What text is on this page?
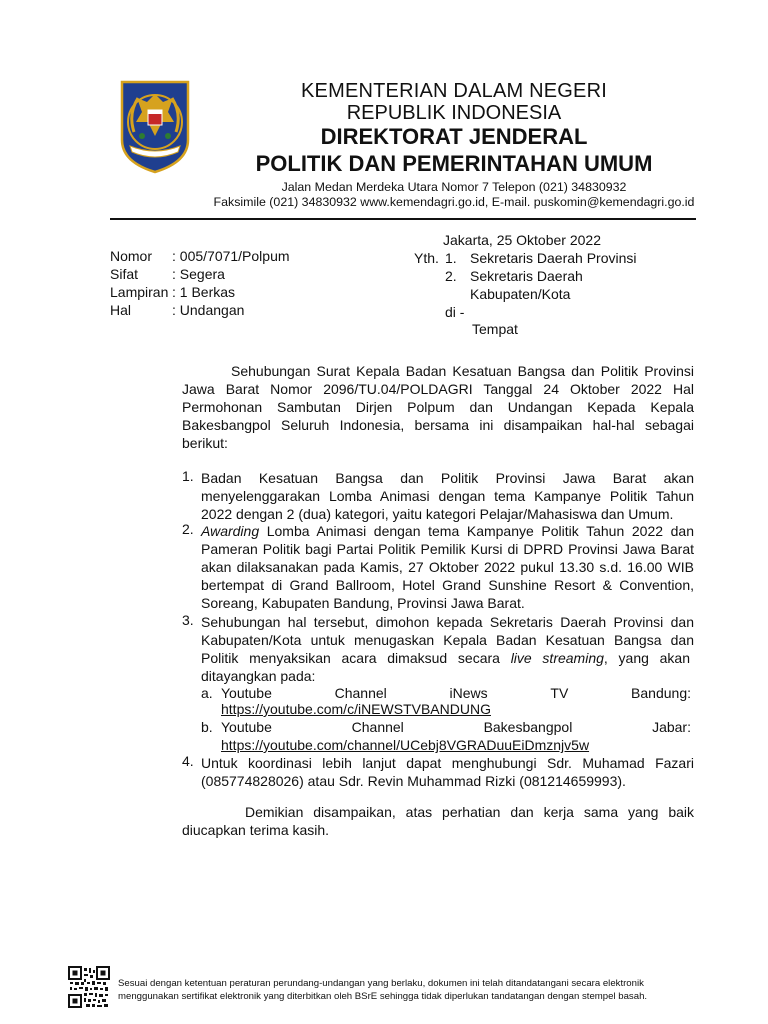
KEMENTERIAN DALAM NEGERI
REPUBLIK INDONESIA
DIREKTORAT JENDERAL
POLITIK DAN PEMERINTAHAN UMUM
Jalan Medan Merdeka Utara Nomor 7 Telepon (021) 34830932
Faksimile (021) 34830932 www.kemendagri.go.id, E-mail. puskomin@kemendagri.go.id
Jakarta, 25 Oktober 2022
Nomor	: 005/7071/Polpum
Sifat	: Segera
Lampiran : 1 Berkas
Hal	: Undangan
Yth. 1. Sekretaris Daerah Provinsi
2. Sekretaris Daerah
Kabupaten/Kota
di -
Tempat
Sehubungan Surat Kepala Badan Kesatuan Bangsa dan Politik Provinsi
Jawa Barat Nomor 2096/TU.04/POLDAGRI Tanggal 24 Oktober 2022 Hal
Permohonan Sambutan Dirjen Polpum dan Undangan Kepada Kepala
Bakesbangpol Seluruh Indonesia, bersama ini disampaikan hal-hal sebagai
berikut:
1. Badan Kesatuan Bangsa dan Politik Provinsi Jawa Barat akan
menyelenggarakan Lomba Animasi dengan tema Kampanye Politik Tahun
2022 dengan 2 (dua) kategori, yaitu kategori Pelajar/Mahasiswa dan Umum.
2. Awarding Lomba Animasi dengan tema Kampanye Politik Tahun 2022 dan
Pameran Politik bagi Partai Politik Pemilik Kursi di DPRD Provinsi Jawa Barat
akan dilaksanakan pada Kamis, 27 Oktober 2022 pukul 13.30 s.d. 16.00 WIB
bertempat di Grand Ballroom, Hotel Grand Sunshine Resort & Convention,
Soreang, Kabupaten Bandung, Provinsi Jawa Barat.
3. Sehubungan hal tersebut, dimohon kepada Sekretaris Daerah Provinsi dan
Kabupaten/Kota untuk menugaskan Kepala Badan Kesatuan Bangsa dan
Politik menyaksikan acara dimaksud secara live streaming, yang akan
ditayangkan pada:
a. Youtube	Channel	iNews	TV	Bandung:
https://youtube.com/c/iNEWSTVBANDUNG
b. Youtube	Channel	Bakesbangpol	Jabar:
https://youtube.com/channel/UCebj8VGRADuuEiDmznjv5w
4. Untuk koordinasi lebih lanjut dapat menghubungi Sdr. Muhamad Fazari
(085774828026) atau Sdr. Revin Muhammad Rizki (081214659993).
Demikian disampaikan, atas perhatian dan kerja sama yang baik
diucapkan terima kasih.
Sesuai dengan ketentuan peraturan perundang-undangan yang berlaku, dokumen ini telah ditandatangani secara elektronik
menggunakan sertifikat elektronik yang diterbitkan oleh BSrE sehingga tidak diperlukan tandatangan dengan stempel basah.
